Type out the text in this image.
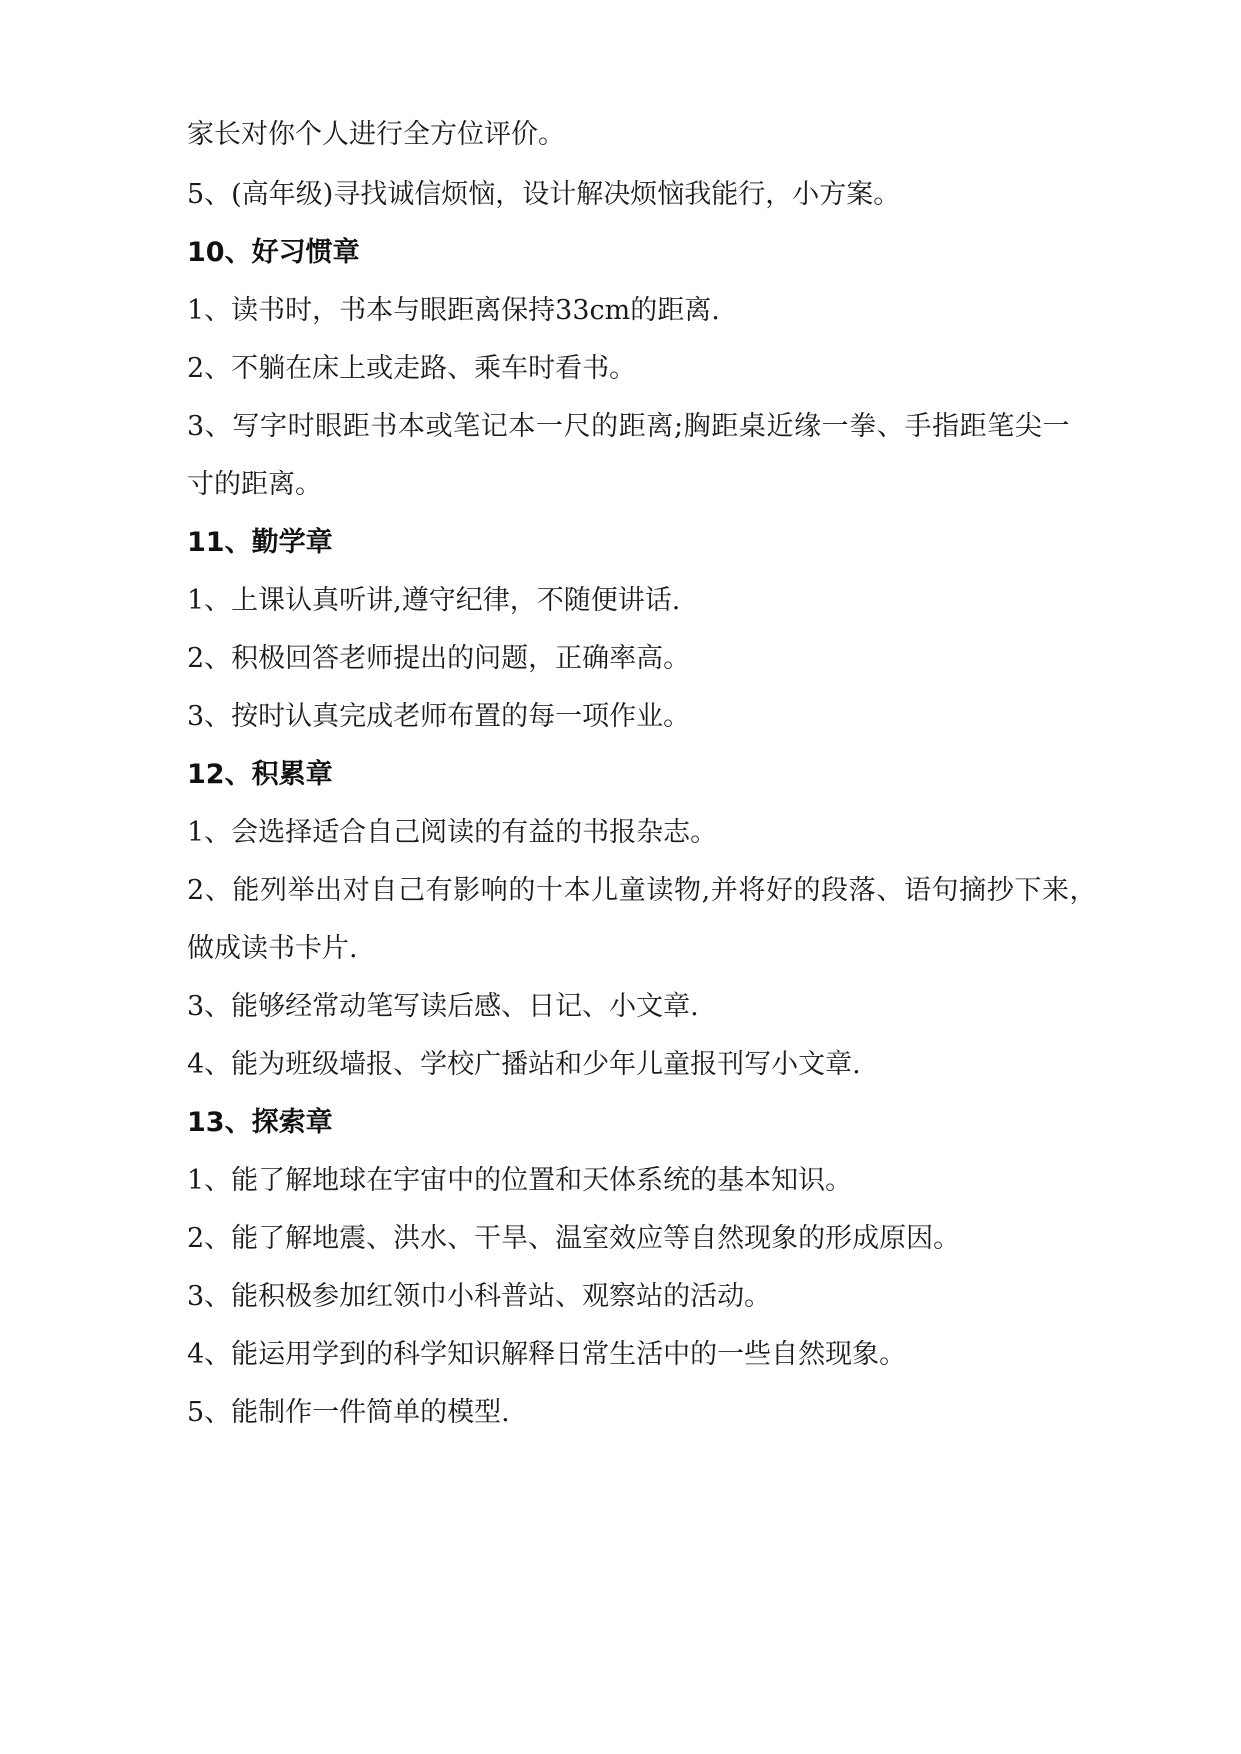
家长对你个人进行全方位评价。
5、(高年级)寻找诚信烦恼，设计解决烦恼我能行，小方案。
10、好习惯章
1、读书时，书本与眼距离保持33cm的距离.
2、不躺在床上或走路、乘车时看书。
3、写字时眼距书本或笔记本一尺的距离;胸距桌近缘一拳、手指距笔尖一
寸的距离。
11、勤学章
1、上课认真听讲,遵守纪律，不随便讲话.
2、积极回答老师提出的问题，正确率高。
3、按时认真完成老师布置的每一项作业。
12、积累章
1、会选择适合自己阅读的有益的书报杂志。
2、能列举出对自己有影响的十本儿童读物,并将好的段落、语句摘抄下来，
做成读书卡片.
3、能够经常动笔写读后感、日记、小文章.
4、能为班级墙报、学校广播站和少年儿童报刊写小文章.
13、探索章
1、能了解地球在宇宙中的位置和天体系统的基本知识。
2、能了解地震、洪水、干旱、温室效应等自然现象的形成原因。
3、能积极参加红领巾小科普站、观察站的活动。
4、能运用学到的科学知识解释日常生活中的一些自然现象。
5、能制作一件简单的模型.
